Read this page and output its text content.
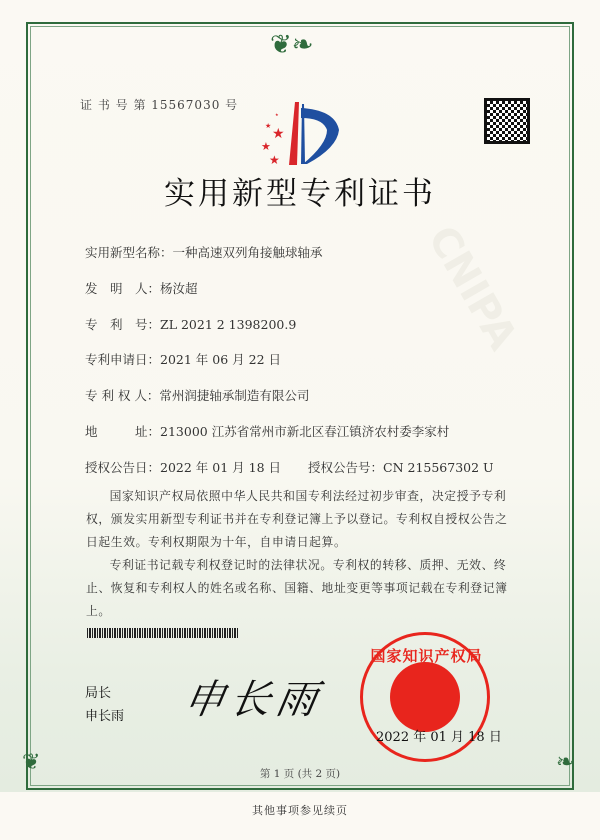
❦❧
❦	❧
证 书 号 第 15567030 号
★
★
★
★
★
实用新型专利证书
CNIPA
实用新型名称：一种高速双列角接触球轴承
发　明　人：杨汝超
专　利　号：ZL 2021 2 1398200.9
专利申请日：2021 年 06 月 22 日
专 利 权 人：常州润捷轴承制造有限公司
地　　　址：213000 江苏省常州市新北区春江镇济农村委李家村
授权公告日：2022 年 01 月 18 日 授权公告号：CN 215567302 U

国家知识产权局依照中华人民共和国专利法经过初步审查，决定授予专利权，颁发实用新型专利证书并在专利登记簿上予以登记。专利权自授权公告之日起生效。专利权期限为十年，自申请日起算。

专利证书记载专利权登记时的法律状况。专利权的转移、质押、无效、终止、恢复和专利权人的姓名或名称、国籍、地址变更等事项记载在专利登记簿上。

局长
申长雨 申长雨
国家知识产权局
2022 年 01 月 18 日
第 1 页 (共 2 页)
其他事项参见续页
